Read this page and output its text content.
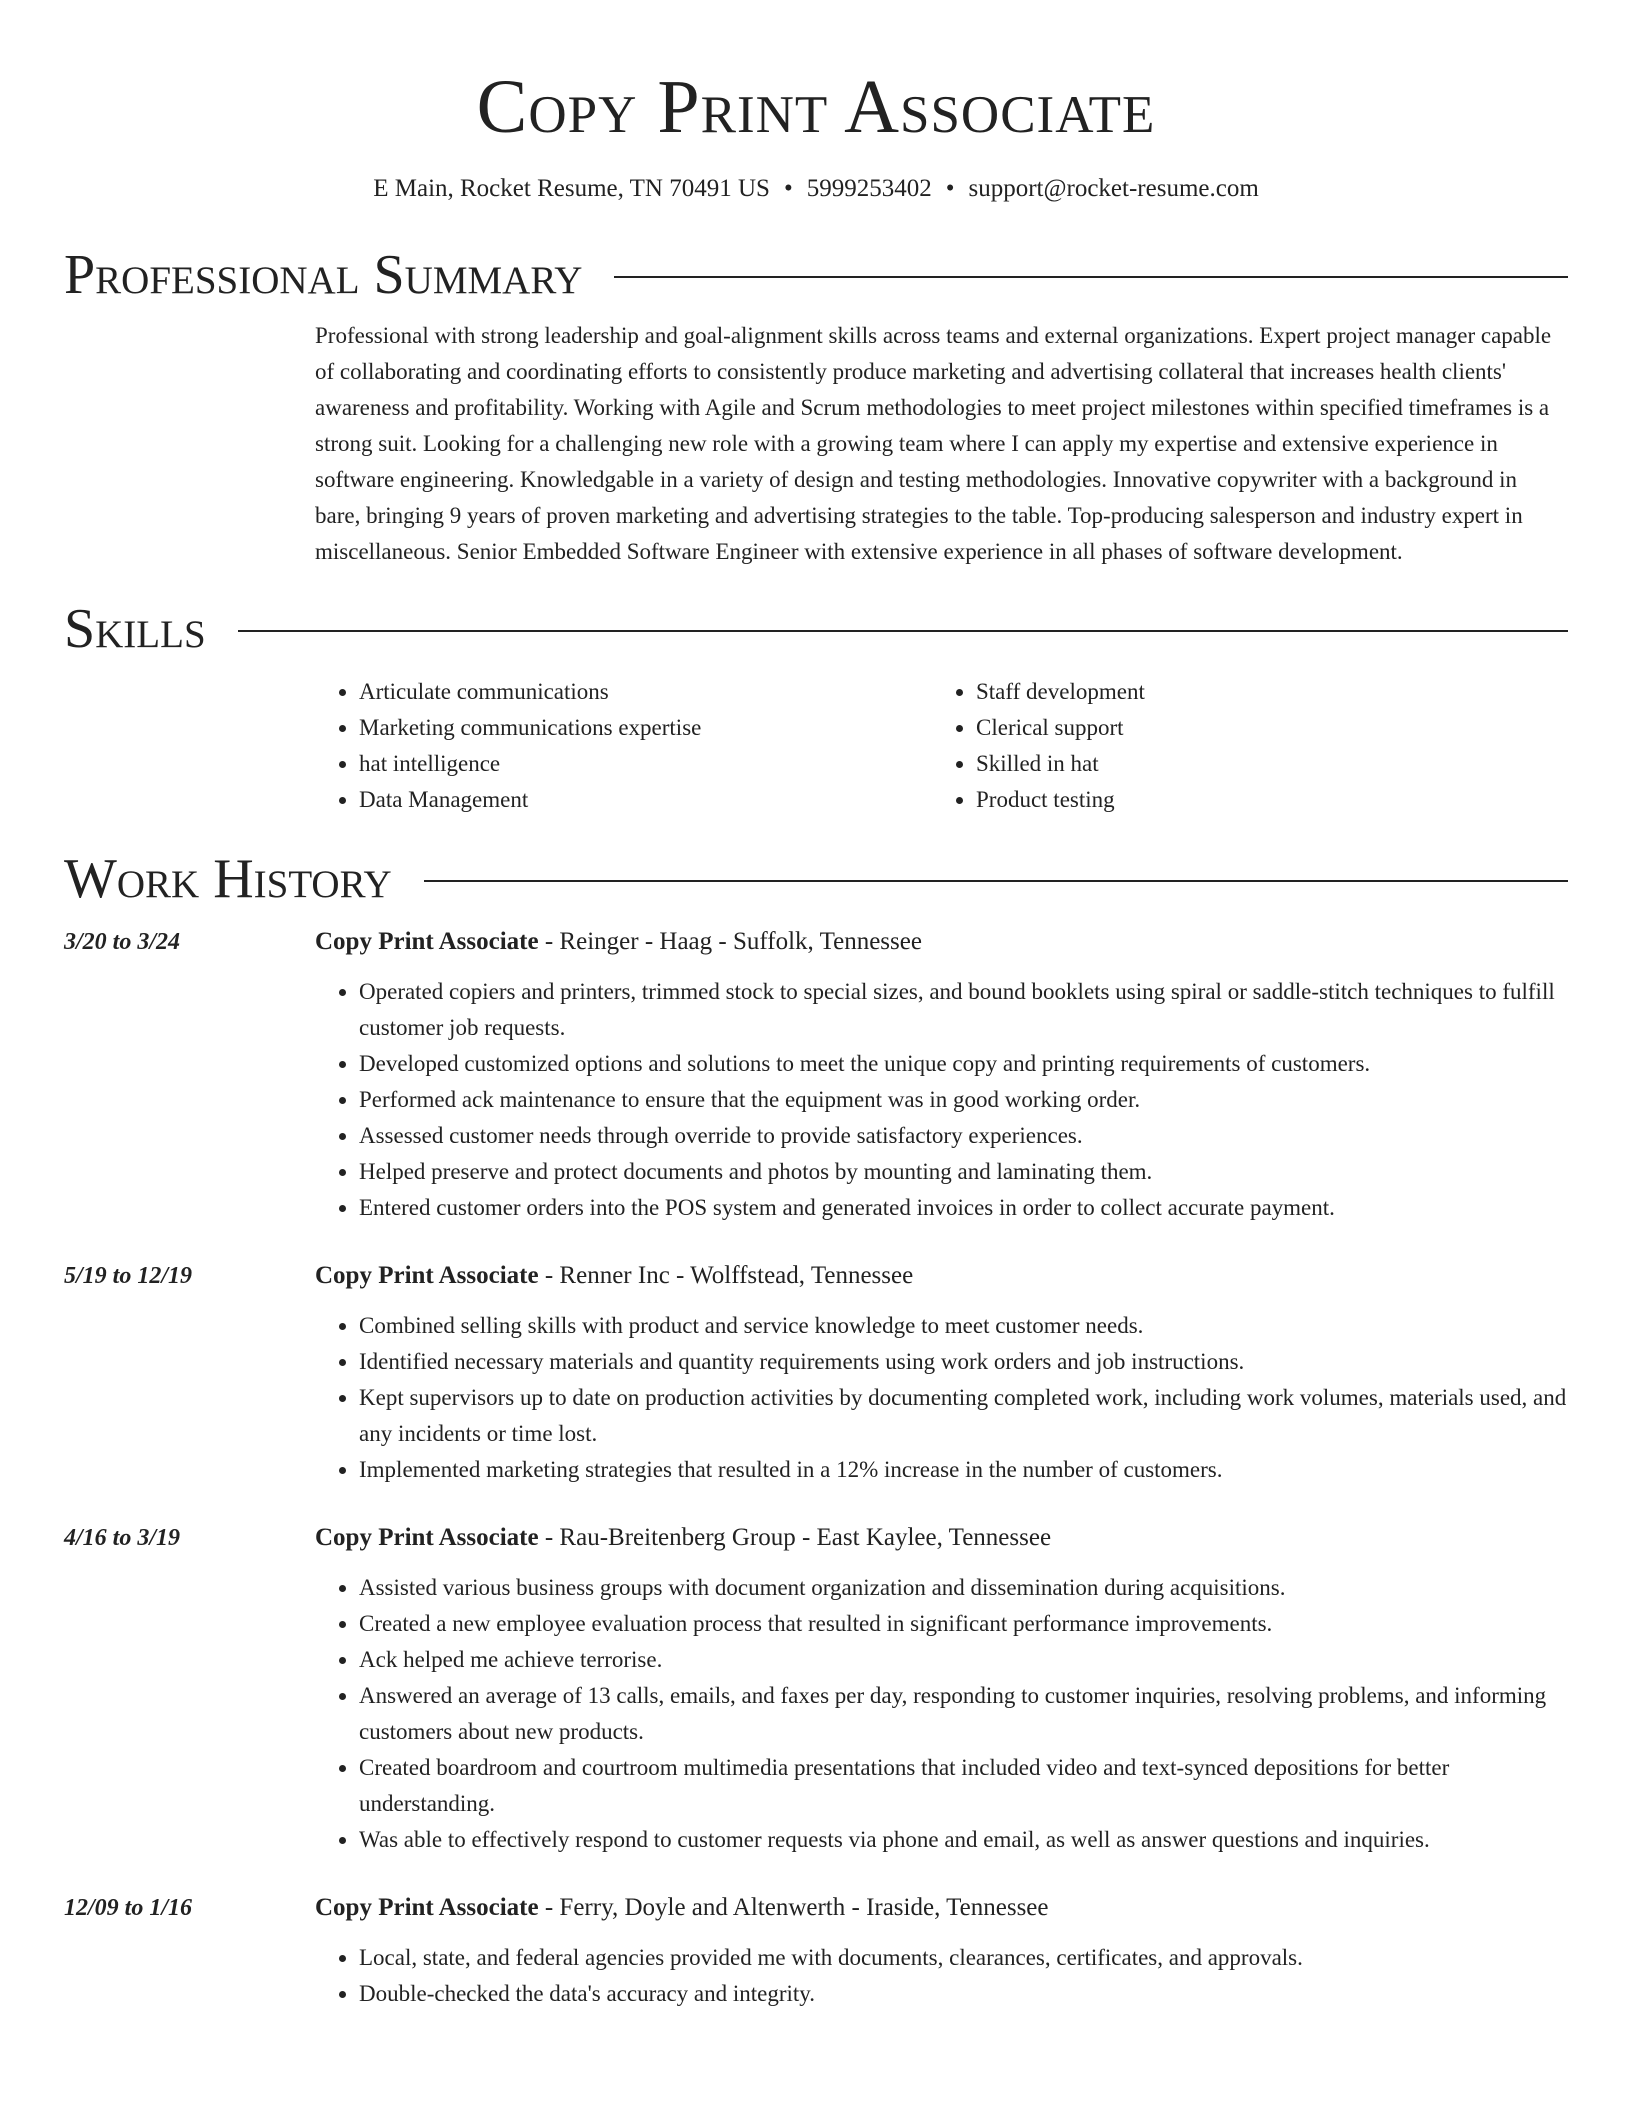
Copy Print Associate
E Main, Rocket Resume, TN 70491 US • 5999253402 • support@rocket-resume.com
Professional Summary

Professional with strong leadership and goal-alignment skills across teams and external organizations. Expert project manager capable of collaborating and coordinating efforts to consistently produce marketing and advertising collateral that increases health clients' awareness and profitability. Working with Agile and Scrum methodologies to meet project milestones within specified timeframes is a strong suit. Looking for a challenging new role with a growing team where I can apply my expertise and extensive experience in software engineering. Knowledgable in a variety of design and testing methodologies. Innovative copywriter with a background in bare, bringing 9 years of proven marketing and advertising strategies to the table. Top-producing salesperson and industry expert in miscellaneous. Senior Embedded Software Engineer with extensive experience in all phases of software development.

Skills
• Articulate communications
• Marketing communications expertise
• hat intelligence
• Data Management
• Staff development
• Clerical support
• Skilled in hat
• Product testing
Work History
3/20 to 3/24	Copy Print Associate - Reinger - Haag - Suffolk, Tennessee
• Operated copiers and printers, trimmed stock to special sizes, and bound booklets using spiral or saddle-stitch techniques to fulfill customer job requests.
• Developed customized options and solutions to meet the unique copy and printing requirements of customers.
• Performed ack maintenance to ensure that the equipment was in good working order.
• Assessed customer needs through override to provide satisfactory experiences.
• Helped preserve and protect documents and photos by mounting and laminating them.
• Entered customer orders into the POS system and generated invoices in order to collect accurate payment.
5/19 to 12/19	Copy Print Associate - Renner Inc - Wolffstead, Tennessee
• Combined selling skills with product and service knowledge to meet customer needs.
• Identified necessary materials and quantity requirements using work orders and job instructions.
• Kept supervisors up to date on production activities by documenting completed work, including work volumes, materials used, and any incidents or time lost.
• Implemented marketing strategies that resulted in a 12% increase in the number of customers.
4/16 to 3/19	Copy Print Associate - Rau-Breitenberg Group - East Kaylee, Tennessee
• Assisted various business groups with document organization and dissemination during acquisitions.
• Created a new employee evaluation process that resulted in significant performance improvements.
• Ack helped me achieve terrorise.
• Answered an average of 13 calls, emails, and faxes per day, responding to customer inquiries, resolving problems, and informing customers about new products.
• Created boardroom and courtroom multimedia presentations that included video and text-synced depositions for better understanding.
• Was able to effectively respond to customer requests via phone and email, as well as answer questions and inquiries.
12/09 to 1/16	Copy Print Associate - Ferry, Doyle and Altenwerth - Iraside, Tennessee
• Local, state, and federal agencies provided me with documents, clearances, certificates, and approvals.
• Double-checked the data's accuracy and integrity.
